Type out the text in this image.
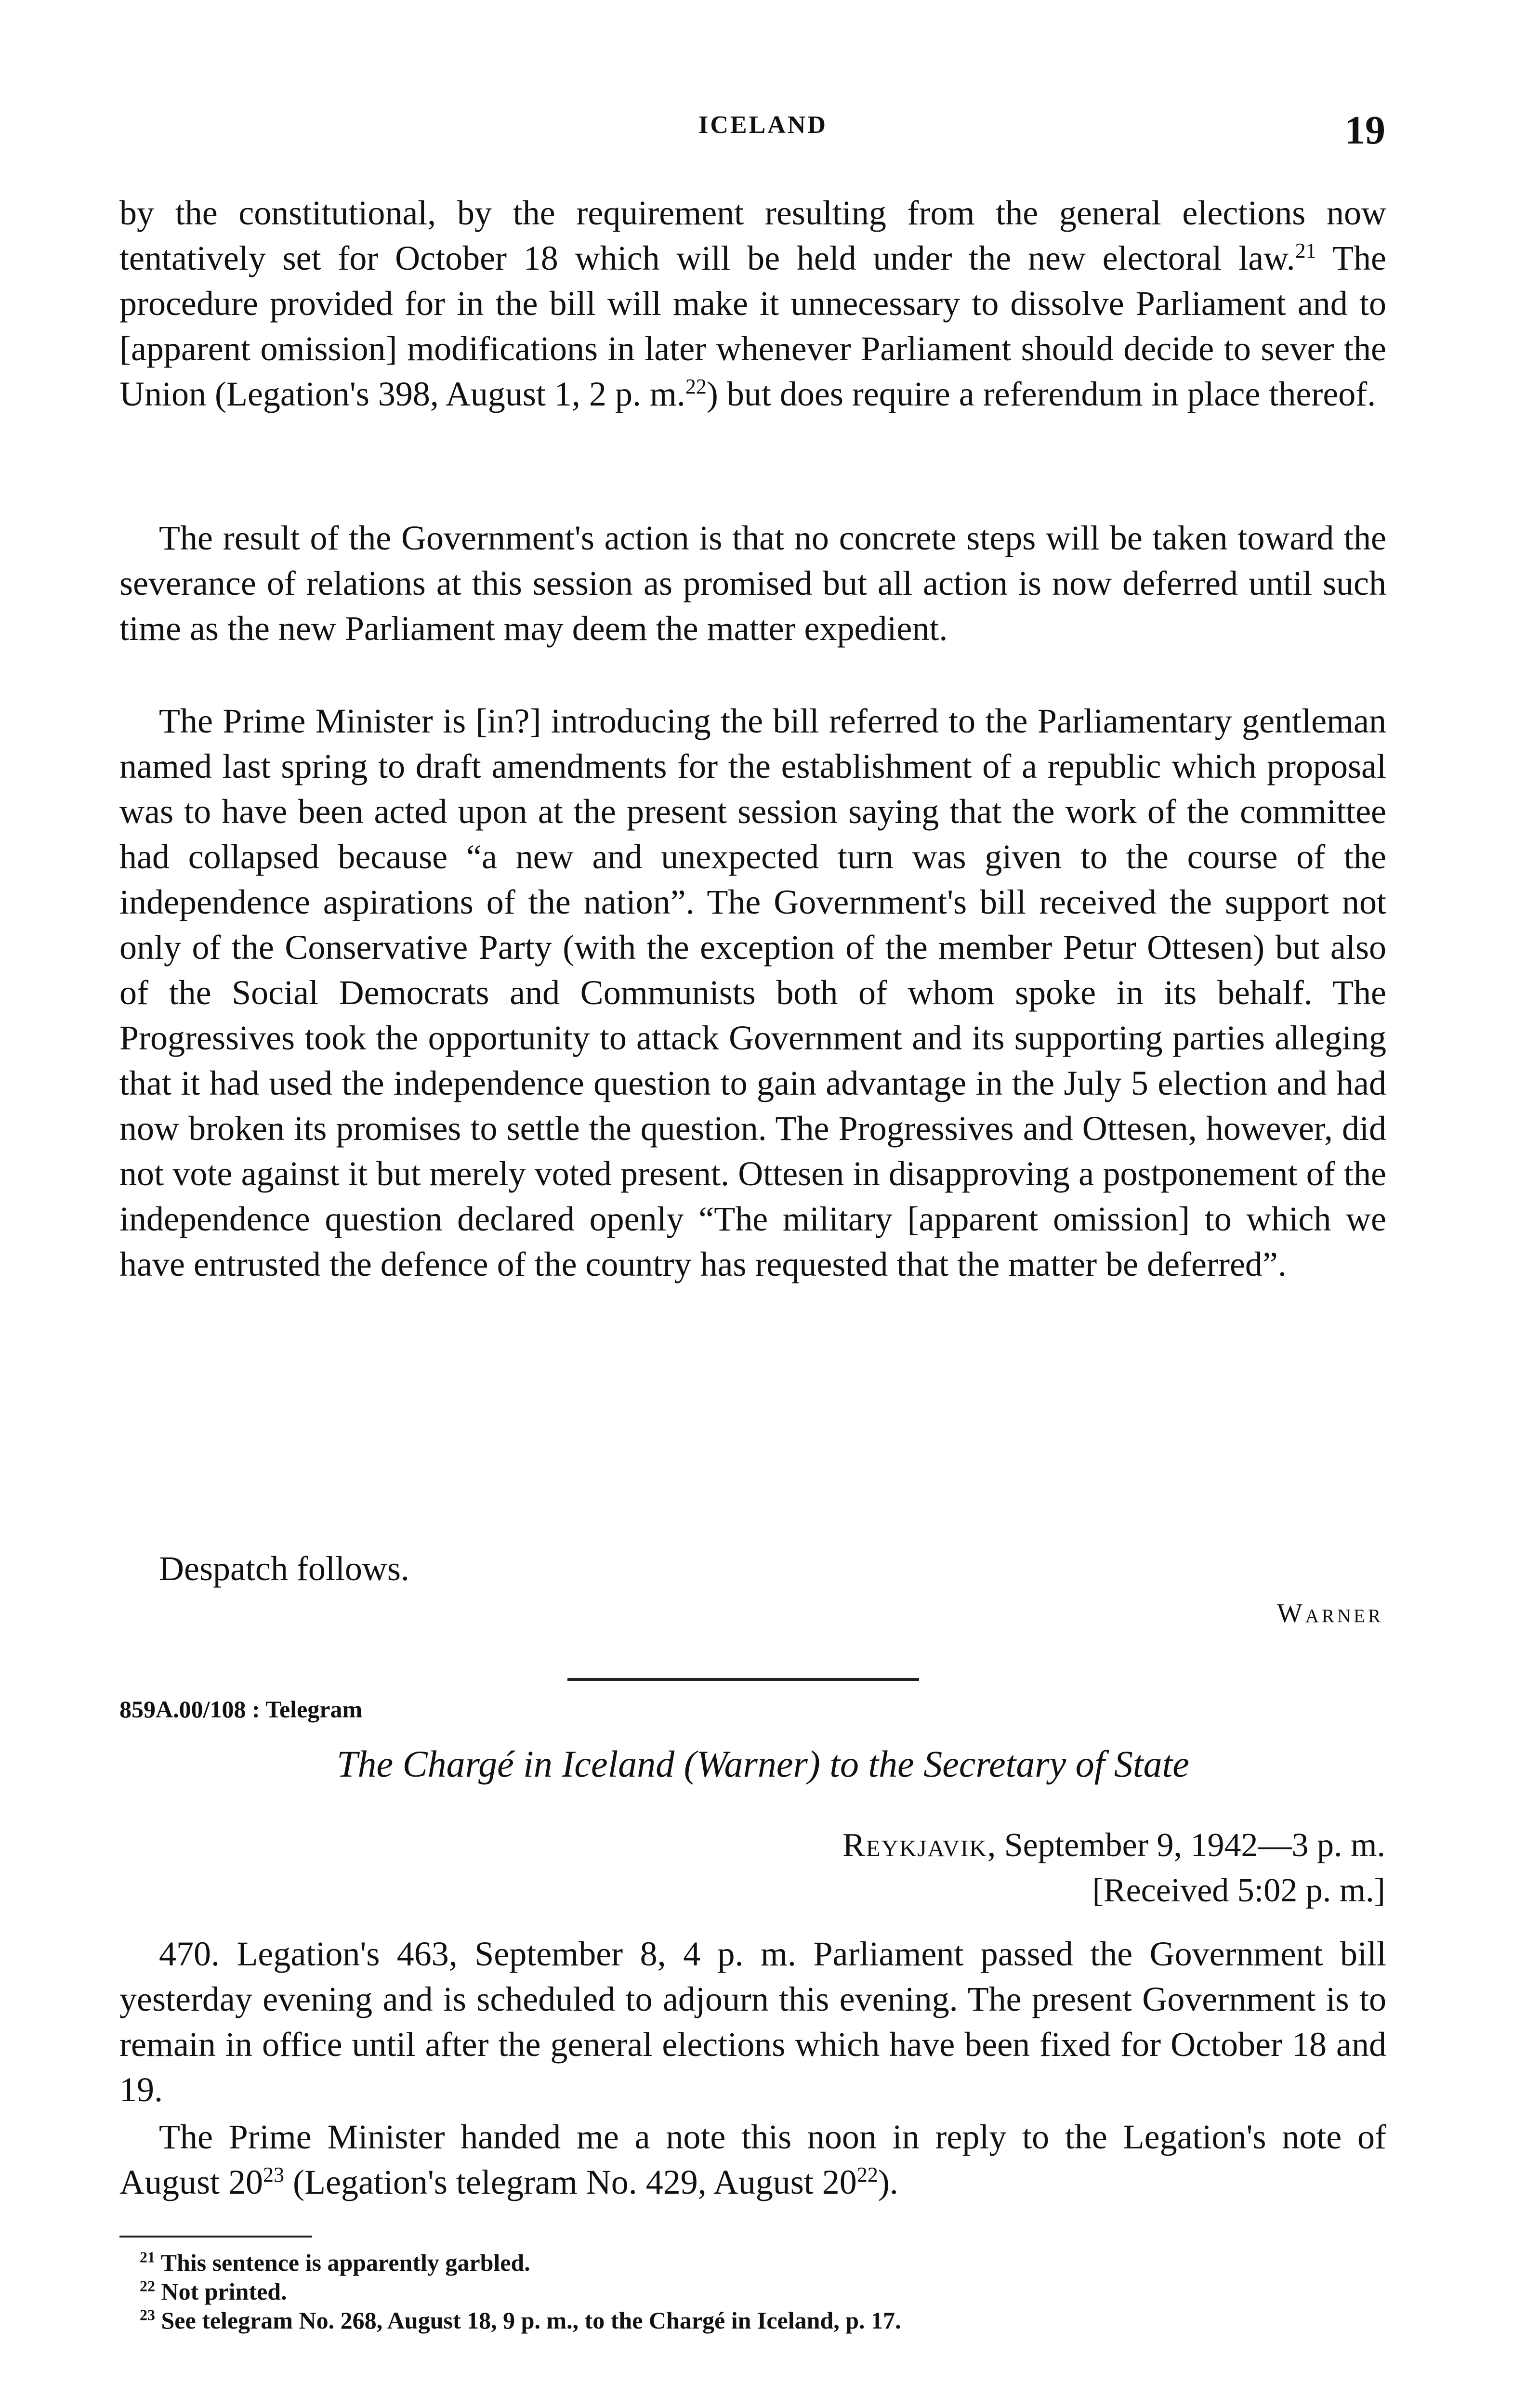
ICELAND	19

by the constitutional, by the requirement resulting from the general elections now tentatively set for October 18 which will be held under the new electoral law.$^{21}$ The procedure provided for in the bill will make it unnecessary to dissolve Parliament and to [apparent omission] modifications in later whenever Parliament should decide to sever the Union (Legation's 398, August 1, 2 p. m.$^{22}$) but does require a referendum in place thereof.

The result of the Government's action is that no concrete steps will be taken toward the severance of relations at this session as promised but all action is now deferred until such time as the new Parliament may deem the matter expedient.

The Prime Minister is [in?] introducing the bill referred to the Parliamentary gentleman named last spring to draft amendments for the establishment of a republic which proposal was to have been acted upon at the present session saying that the work of the committee had collapsed because “a new and unexpected turn was given to the course of the independence aspirations of the nation”. The Government's bill received the support not only of the Conservative Party (with the exception of the member Petur Ottesen) but also of the Social Democrats and Communists both of whom spoke in its behalf. The Progressives took the opportunity to attack Government and its supporting parties alleging that it had used the independence question to gain advantage in the July 5 election and had now broken its promises to settle the question. The Progressives and Ottesen, however, did not vote against it but merely voted present. Ottesen in disapproving a postponement of the independence question declared openly “The military [apparent omission] to which we have entrusted the defence of the country has requested that the matter be deferred”.

Despatch follows.

Warner
859A.00/108 : Telegram
The Chargé in Iceland (Warner) to the Secretary of State
Reykjavik, September 9, 1942—3 p. m.
[Received 5:02 p. m.]

470. Legation's 463, September 8, 4 p. m. Parliament passed the Government bill yesterday evening and is scheduled to adjourn this evening. The present Government is to remain in office until after the general elections which have been fixed for October 18 and 19.

The Prime Minister handed me a note this noon in reply to the Legation's note of August $20^{23}$ (Legation's telegram No. 429, August $20^{22}$).

$^{21}$ This sentence is apparently garbled.
$^{22}$ Not printed.
$^{23}$ See telegram No. 268, August 18, 9 p. m., to the Chargé in Iceland, p. 17.
